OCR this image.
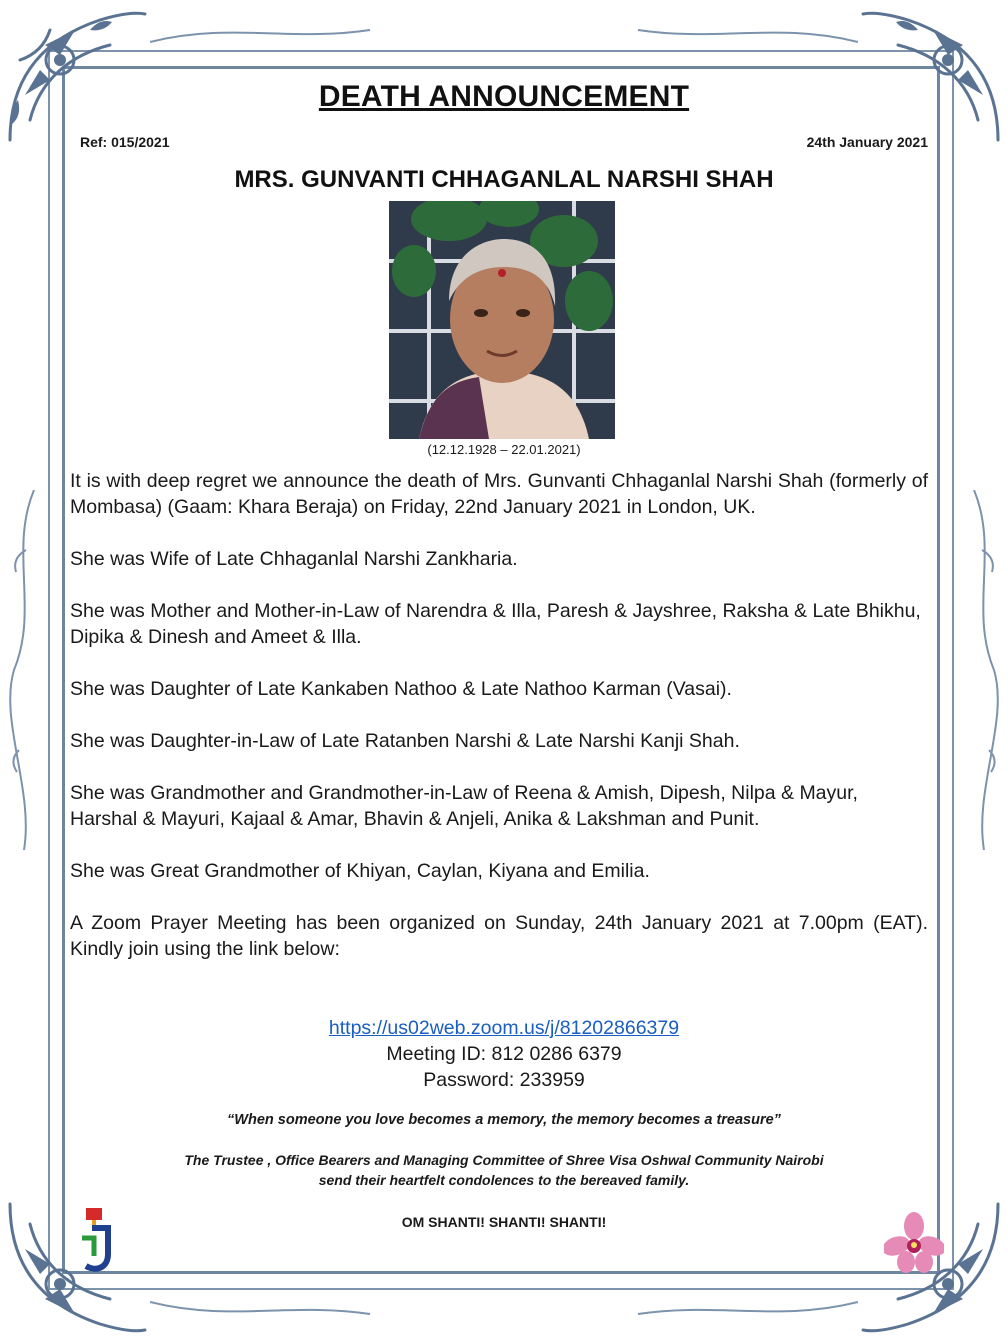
DEATH ANNOUNCEMENT
Ref: 015/2021	24th January 2021
MRS. GUNVANTI CHHAGANLAL NARSHI SHAH
(12.12.1928 – 22.01.2021)

It is with deep regret we announce the death of Mrs. Gunvanti Chhaganlal Narshi Shah (formerly of Mombasa) (Gaam: Khara Beraja) on Friday, 22nd January 2021 in London, UK.

She was Wife of Late Chhaganlal Narshi Zankharia.

She was Mother and Mother-in-Law of Narendra & Illa, Paresh & Jayshree, Raksha & Late Bhikhu, Dipika & Dinesh and Ameet & Illa.

She was Daughter of Late Kankaben Nathoo & Late Nathoo Karman (Vasai).

She was Daughter-in-Law of Late Ratanben Narshi & Late Narshi Kanji Shah.

She was Grandmother and Grandmother-in-Law of Reena & Amish, Dipesh, Nilpa & Mayur, Harshal & Mayuri, Kajaal & Amar, Bhavin & Anjeli, Anika & Lakshman and Punit.

She was Great Grandmother of Khiyan, Caylan, Kiyana and Emilia.

A Zoom Prayer Meeting has been organized on Sunday, 24th January 2021 at 7.00pm (EAT). Kindly join using the link below:

https://us02web.zoom.us/j/81202866379
Meeting ID: 812 0286 6379
Password: 233959
“When someone you love becomes a memory, the memory becomes a treasure”
The Trustee , Office Bearers and Managing Committee of Shree Visa Oshwal Community Nairobi
send their heartfelt condolences to the bereaved family.
OM SHANTI! SHANTI! SHANTI!
